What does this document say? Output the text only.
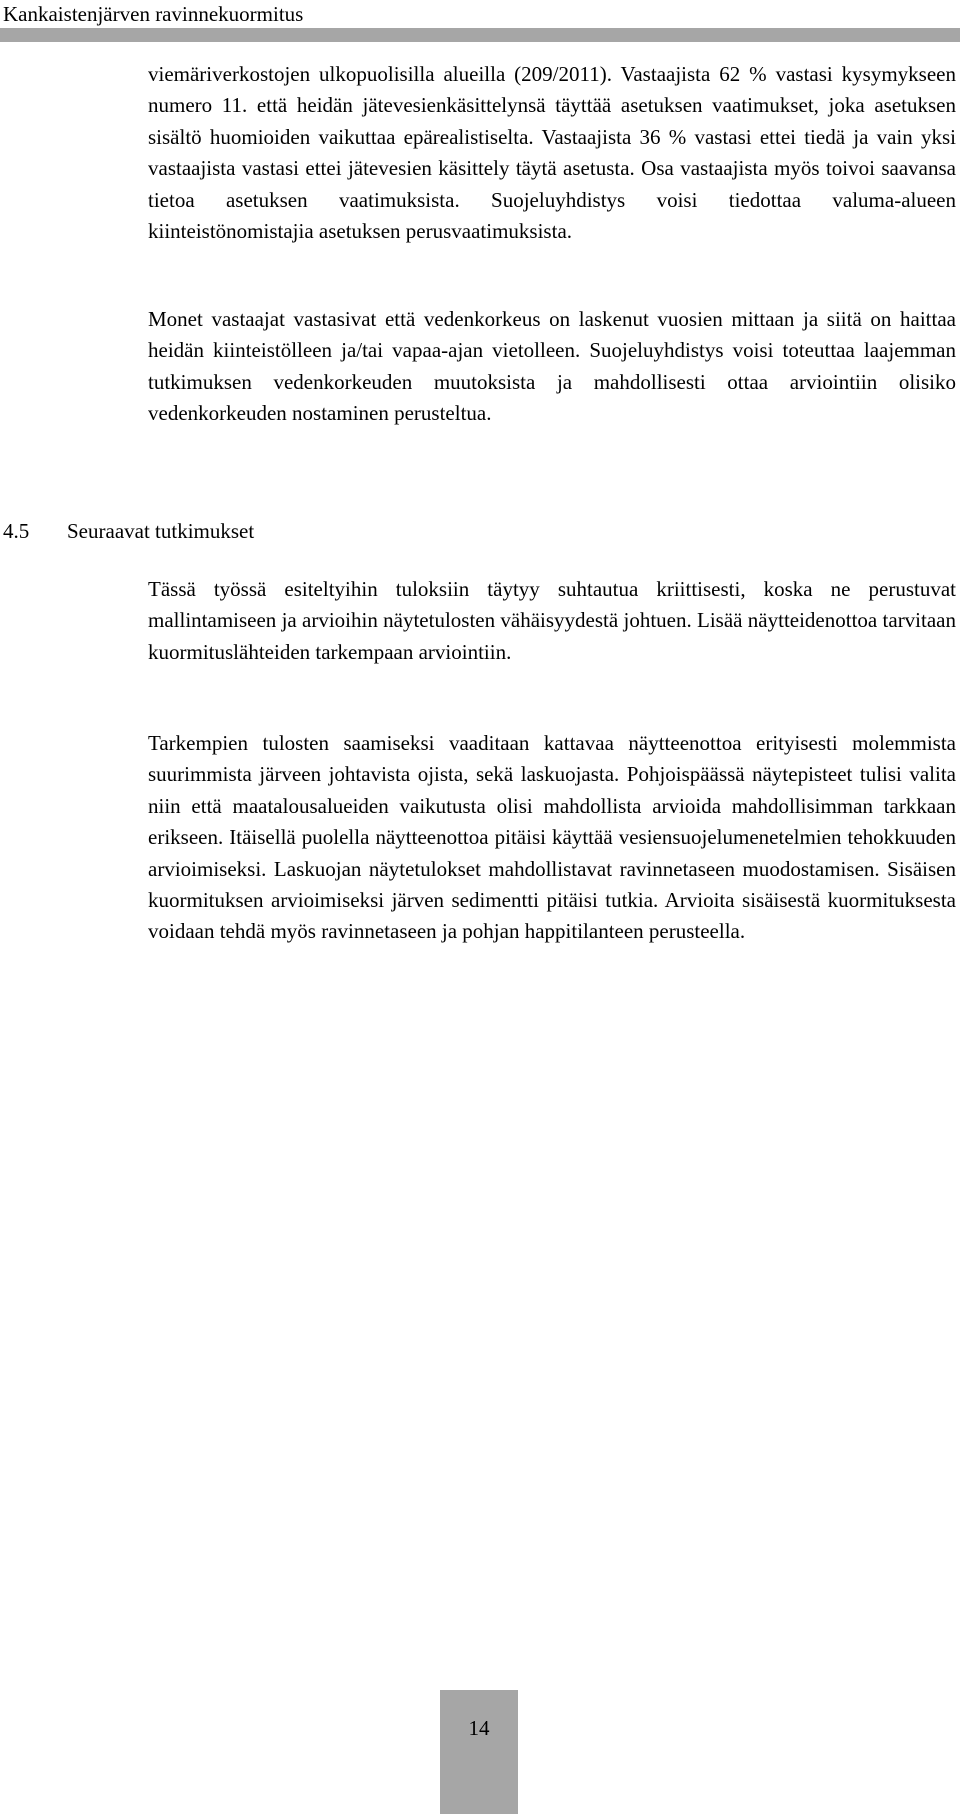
Kankaistenjärven ravinnekuormitus

viemäriverkostojen ulkopuolisilla alueilla (209/2011). Vastaajista 62 % vastasi kysymykseen numero 11. että heidän jätevesienkäsittelynsä täyttää asetuksen vaatimukset, joka asetuksen sisältö huomioiden vaikuttaa epärealistiselta. Vastaajista 36 % vastasi ettei tiedä ja vain yksi vastaajista vastasi ettei jätevesien käsittely täytä asetusta. Osa vastaajista myös toivoi saavansa tietoa asetuksen vaatimuksista. Suojeluyhdistys voisi tiedottaa valuma-alueen kiinteistönomistajia asetuksen perusvaatimuksista.

Monet vastaajat vastasivat että vedenkorkeus on laskenut vuosien mittaan ja siitä on haittaa heidän kiinteistölleen ja/tai vapaa-ajan vietolleen. Suojeluyhdistys voisi toteuttaa laajemman tutkimuksen vedenkorkeuden muutoksista ja mahdollisesti ottaa arviointiin olisiko vedenkorkeuden nostaminen perusteltua.

4.5 Seuraavat tutkimukset

Tässä työssä esiteltyihin tuloksiin täytyy suhtautua kriittisesti, koska ne perustuvat mallintamiseen ja arvioihin näytetulosten vähäisyydestä johtuen. Lisää näytteidenottoa tarvitaan kuormituslähteiden tarkempaan arviointiin.

Tarkempien tulosten saamiseksi vaaditaan kattavaa näytteenottoa erityisesti molemmista suurimmista järveen johtavista ojista, sekä laskuojasta. Pohjoispäässä näytepisteet tulisi valita niin että maatalousalueiden vaikutusta olisi mahdollista arvioida mahdollisimman tarkkaan erikseen. Itäisellä puolella näytteenottoa pitäisi käyttää vesiensuojelumenetelmien tehokkuuden arvioimiseksi. Laskuojan näytetulokset mahdollistavat ravinnetaseen muodostamisen. Sisäisen kuormituksen arvioimiseksi järven sedimentti pitäisi tutkia. Arvioita sisäisestä kuormituksesta voidaan tehdä myös ravinnetaseen ja pohjan happitilanteen perusteella.

14
